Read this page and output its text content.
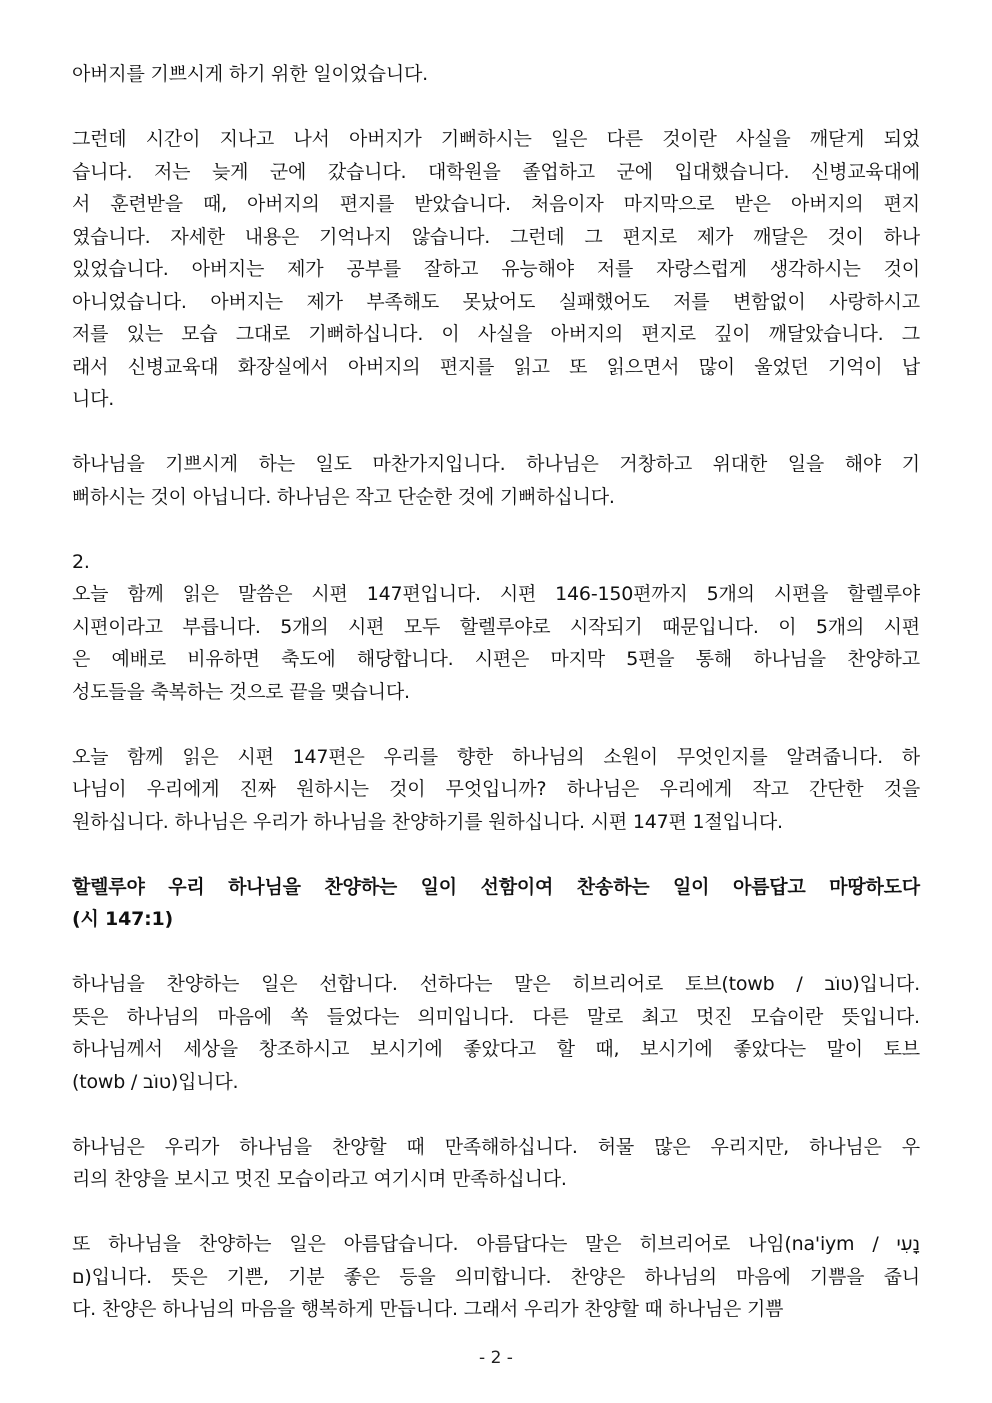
아버지를 기쁘시게 하기 위한 일이었습니다.
그런데 시간이 지나고 나서 아버지가 기뻐하시는 일은 다른 것이란 사실을 깨닫게 되었
습니다. 저는 늦게 군에 갔습니다. 대학원을 졸업하고 군에 입대했습니다. 신병교육대에
서 훈련받을 때, 아버지의 편지를 받았습니다. 처음이자 마지막으로 받은 아버지의 편지
였습니다. 자세한 내용은 기억나지 않습니다. 그런데 그 편지로 제가 깨달은 것이 하나
있었습니다. 아버지는 제가 공부를 잘하고 유능해야 저를 자랑스럽게 생각하시는 것이
아니었습니다. 아버지는 제가 부족해도 못났어도 실패했어도 저를 변함없이 사랑하시고
저를 있는 모습 그대로 기뻐하십니다. 이 사실을 아버지의 편지로 깊이 깨달았습니다. 그
래서 신병교육대 화장실에서 아버지의 편지를 읽고 또 읽으면서 많이 울었던 기억이 납
니다.
하나님을 기쁘시게 하는 일도 마찬가지입니다. 하나님은 거창하고 위대한 일을 해야 기
뻐하시는 것이 아닙니다. 하나님은 작고 단순한 것에 기뻐하십니다.
2.
오늘 함께 읽은 말씀은 시편 147편입니다. 시편 146-150편까지 5개의 시편을 할렐루야
시편이라고 부릅니다. 5개의 시편 모두 할렐루야로 시작되기 때문입니다. 이 5개의 시편
은 예배로 비유하면 축도에 해당합니다. 시편은 마지막 5편을 통해 하나님을 찬양하고
성도들을 축복하는 것으로 끝을 맺습니다.
오늘 함께 읽은 시편 147편은 우리를 향한 하나님의 소원이 무엇인지를 알려줍니다. 하
나님이 우리에게 진짜 원하시는 것이 무엇입니까? 하나님은 우리에게 작고 간단한 것을
원하십니다. 하나님은 우리가 하나님을 찬양하기를 원하십니다. 시편 147편 1절입니다.
할렐루야 우리 하나님을 찬양하는 일이 선함이여 찬송하는 일이 아름답고 마땅하도다
(시 147:1)
하나님을 찬양하는 일은 선합니다. 선하다는 말은 히브리어로 토브(towb / טוֹב)입니다.
뜻은 하나님의 마음에 쏙 들었다는 의미입니다. 다른 말로 최고 멋진 모습이란 뜻입니다.
하나님께서 세상을 창조하시고 보시기에 좋았다고 할 때, 보시기에 좋았다는 말이 토브
(towb / טוֹב)입니다.
하나님은 우리가 하나님을 찬양할 때 만족해하십니다. 허물 많은 우리지만, 하나님은 우
리의 찬양을 보시고 멋진 모습이라고 여기시며 만족하십니다.
또 하나님을 찬양하는 일은 아름답습니다. 아름답다는 말은 히브리어로 나임(na'iym / נָעִי
ם)입니다. 뜻은 기쁜, 기분 좋은 등을 의미합니다. 찬양은 하나님의 마음에 기쁨을 줍니
다. 찬양은 하나님의 마음을 행복하게 만듭니다. 그래서 우리가 찬양할 때 하나님은 기쁨
- 2 -
